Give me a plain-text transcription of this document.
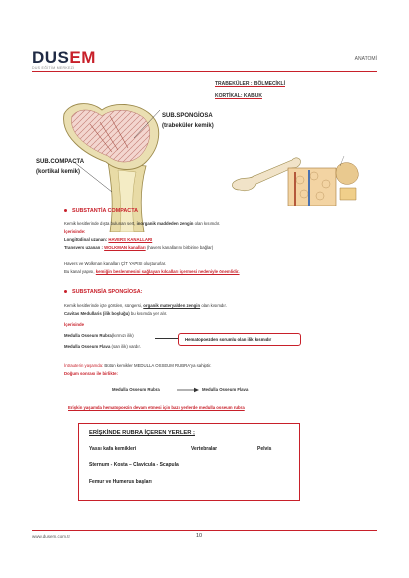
DUSEM
DUS EĞİTİM MERKEZİ
ANATOMİ
TRABEKÜLER : BÖLMECİKLİ
KORTİKAL: KABUK
SUB.SPONGİOSA
(trabeküler kemik)
SUB.COMPACTA
(kortikal kemik)
SUBSTANTİA COMPACTA
Kemik kesitlerinde dışta bulunan sert, inorganik maddeden zengin olan kısımdır.
İçerisinde:
Longitüdinal uzanan: HAVERS KANALLARI
Transvers uzanan : WOLKMAN kanalları (havers kanallarını birbirine bağlar)
Havers ve Wolkman kanalları ÇİT YAPISI oluştururlar.
Bu kanal yapısı, kemiğin beslenmesini sağlayan kılcalları içermesi nedeniyle önemlidir.
SUBSTANSİA SPONGİOSA:
Kemik kesitlerinde içte görülen, süngersi, organik materyalden zengin olan kısımdır.
Cavitas Medullaris (ilik boşluğu) bu kısımda yer alır.
İçerisinde
Medulla Osseum Rubra(kırmızı ilik)
Hematopoezden sorumlu olan ilik kısmıdır
Medulla Osseum Flava (sarı ilik) vardır.
İntrauterin yaşamda: Bütün kemikler MEDULLA OSSEUM RUBRA'ya sahiptir.
Doğum sonrası ile birlikte:
Medulla Osseum Rubra	Medulla Osseum Flava
Erişkin yaşamda hematopoezin devam etmesi için bazı yerlerde medulla osseum rubra
ERİŞKİNDE RUBRA İÇEREN YERLER ;
Yassı kafa kemikleri	Vertebralar	Pelvis
Sternum - Kosta – Clavicula - Scapula
Femur ve Humerus başları
www.dusem.com.tr	10
